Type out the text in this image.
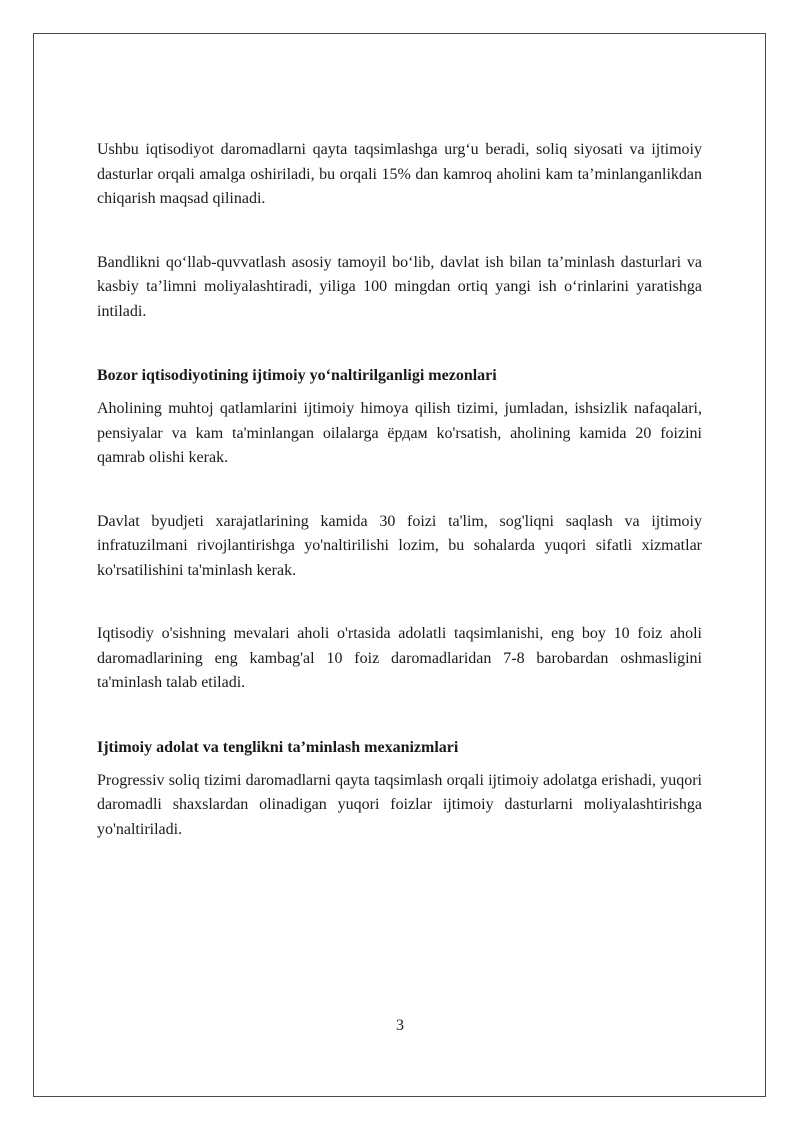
Ushbu iqtisodiyot daromadlarni qayta taqsimlashga urg‘u beradi, soliq siyosati va ijtimoiy dasturlar orqali amalga oshiriladi, bu orqali 15% dan kamroq aholini kam ta’minlanganlikdan chiqarish maqsad qilinadi.

Bandlikni qo‘llab-quvvatlash asosiy tamoyil bo‘lib, davlat ish bilan ta’minlash dasturlari va kasbiy ta’limni moliyalashtiradi, yiliga 100 mingdan ortiq yangi ish o‘rinlarini yaratishga intiladi.

Bozor iqtisodiyotining ijtimoiy yo‘naltirilganligi mezonlari

Aholining muhtoj qatlamlarini ijtimoiy himoya qilish tizimi, jumladan, ishsizlik nafaqalari, pensiyalar va kam ta'minlangan oilalarga ёрдам ko'rsatish, aholining kamida 20 foizini qamrab olishi kerak.

Davlat byudjeti xarajatlarining kamida 30 foizi ta'lim, sog'liqni saqlash va ijtimoiy infratuzilmani rivojlantirishga yo'naltirilishi lozim, bu sohalarda yuqori sifatli xizmatlar ko'rsatilishini ta'minlash kerak.

Iqtisodiy o'sishning mevalari aholi o'rtasida adolatli taqsimlanishi, eng boy 10 foiz aholi daromadlarining eng kambag'al 10 foiz daromadlaridan 7-8 barobardan oshmasligini ta'minlash talab etiladi.

Ijtimoiy adolat va tenglikni ta’minlash mexanizmlari

Progressiv soliq tizimi daromadlarni qayta taqsimlash orqali ijtimoiy adolatga erishadi, yuqori daromadli shaxslardan olinadigan yuqori foizlar ijtimoiy dasturlarni moliyalashtirishga yo'naltiriladi.

3
